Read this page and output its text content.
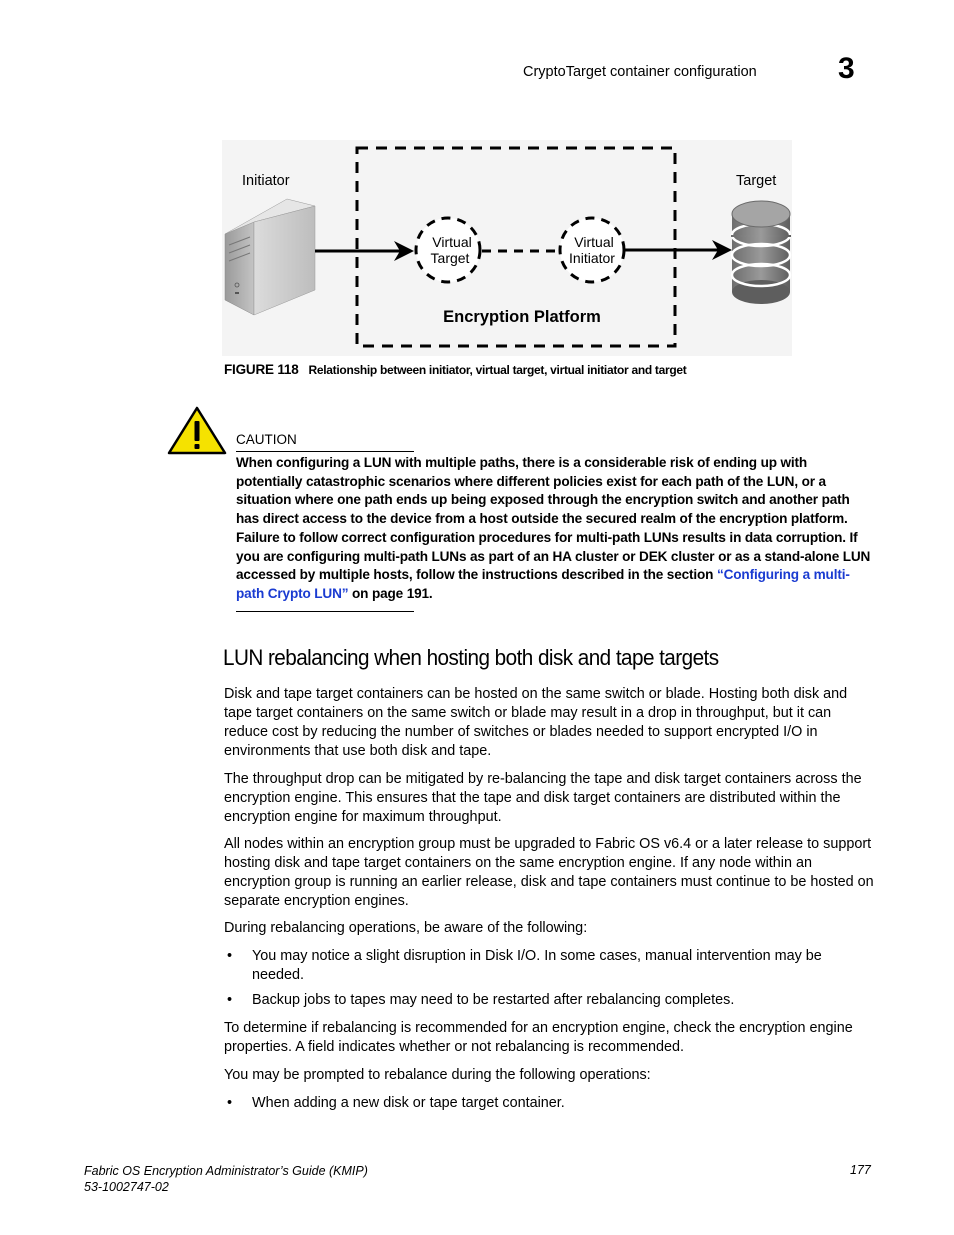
CryptoTarget container configuration	3
Initiator
Virtual
Target
Virtual
Initiator
Target
Encryption Platform
FIGURE 118 Relationship between initiator, virtual target, virtual initiator and target
CAUTION
When configuring a LUN with multiple paths, there is a considerable risk of ending up with potentially catastrophic scenarios where different policies exist for each path of the LUN, or a situation where one path ends up being exposed through the encryption switch and another path has direct access to the device from a host outside the secured realm of the encryption platform. Failure to follow correct configuration procedures for multi-path LUNs results in data corruption. If you are configuring multi-path LUNs as part of an HA cluster or DEK cluster or as a stand-alone LUN accessed by multiple hosts, follow the instructions described in the section “Configuring a multi-path Crypto LUN” on page 191.
LUN rebalancing when hosting both disk and tape targets
Disk and tape target containers can be hosted on the same switch or blade. Hosting both disk and tape target containers on the same switch or blade may result in a drop in throughput, but it can reduce cost by reducing the number of switches or blades needed to support encrypted I/O in environments that use both disk and tape.
The throughput drop can be mitigated by re-balancing the tape and disk target containers across the encryption engine. This ensures that the tape and disk target containers are distributed within the encryption engine for maximum throughput.
All nodes within an encryption group must be upgraded to Fabric OS v6.4 or a later release to support hosting disk and tape target containers on the same encryption engine. If any node within an encryption group is running an earlier release, disk and tape containers must continue to be hosted on separate encryption engines.
During rebalancing operations, be aware of the following:
• You may notice a slight disruption in Disk I/O. In some cases, manual intervention may be needed.
• Backup jobs to tapes may need to be restarted after rebalancing completes.
To determine if rebalancing is recommended for an encryption engine, check the encryption engine properties. A field indicates whether or not rebalancing is recommended.
You may be prompted to rebalance during the following operations:
• When adding a new disk or tape target container.
Fabric OS Encryption Administrator’s Guide (KMIP)
53-1002747-02
177
